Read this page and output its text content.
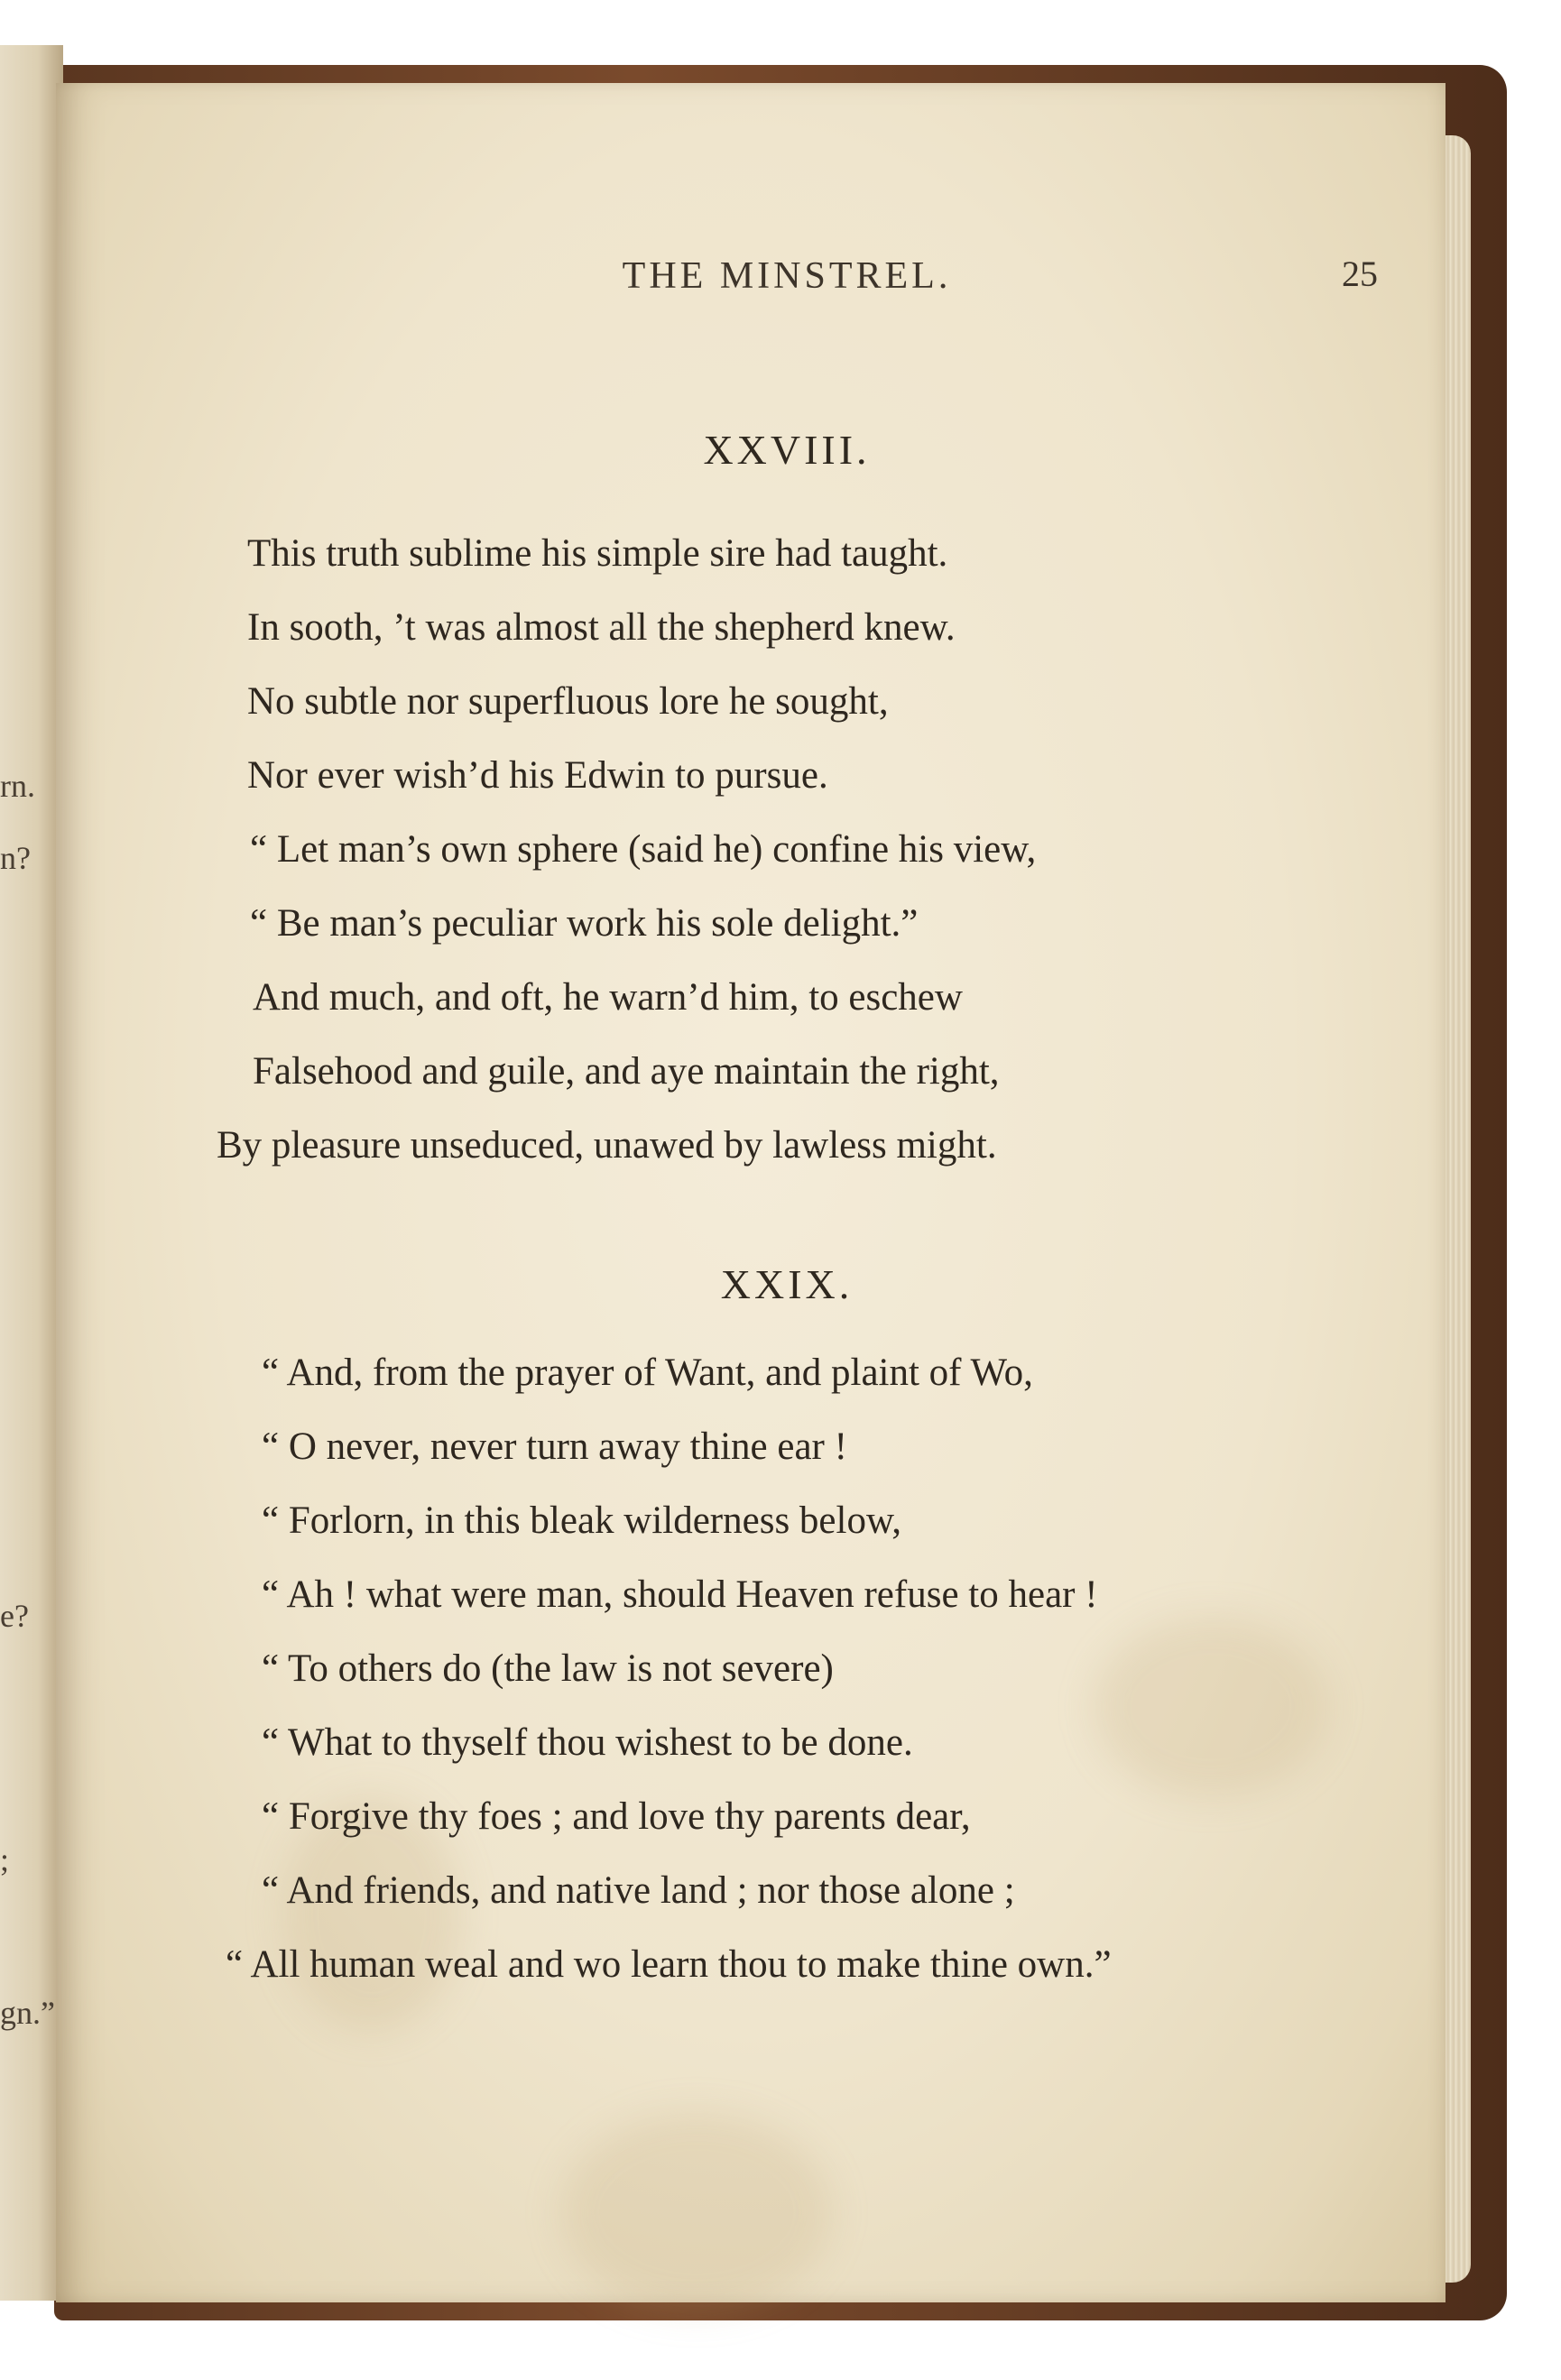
rn.
n?
e?
;
gn.”
THE MINSTREL.	25
XXVIII.
This truth sublime his simple sire had taught.
In sooth, ’t was almost all the shepherd knew.
No subtle nor superfluous lore he sought,
Nor ever wish’d his Edwin to pursue.
“ Let man’s own sphere (said he) confine his view,
“ Be man’s peculiar work his sole delight.”
And much, and oft, he warn’d him, to eschew
Falsehood and guile, and aye maintain the right,
By pleasure unseduced, unawed by lawless might.
XXIX.
“ And, from the prayer of Want, and plaint of Wo,
“ O never, never turn away thine ear !
“ Forlorn, in this bleak wilderness below,
“ Ah ! what were man, should Heaven refuse to hear !
“ To others do (the law is not severe)
“ What to thyself thou wishest to be done.
“ Forgive thy foes ; and love thy parents dear,
“ And friends, and native land ; nor those alone ;
“ All human weal and wo learn thou to make thine own.”
